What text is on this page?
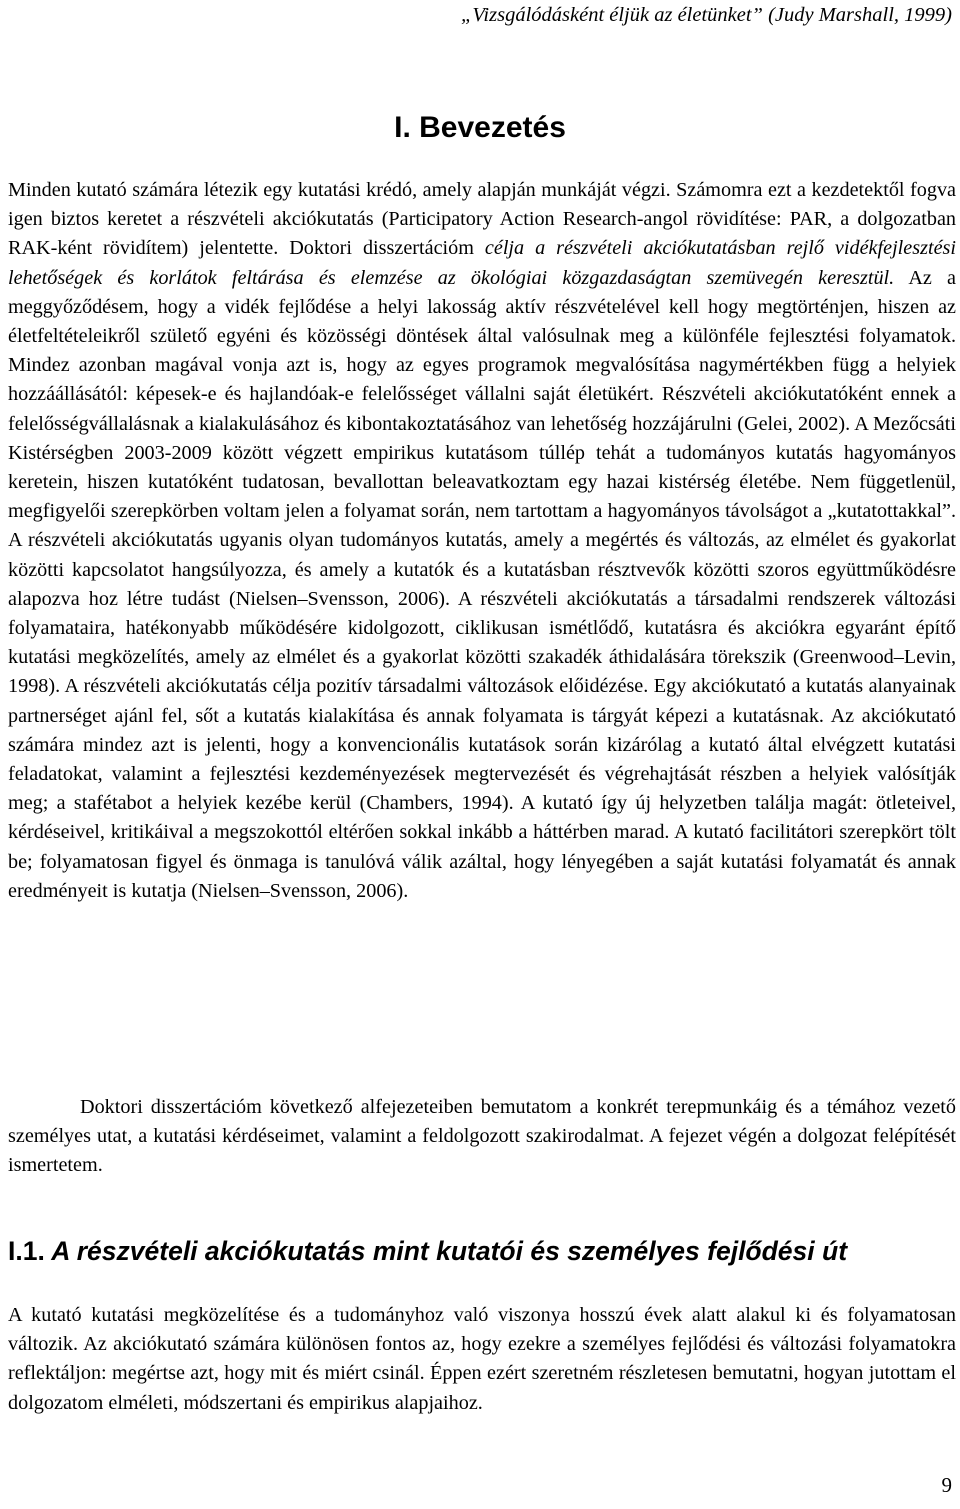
„Vizsgálódásként éljük az életünket” (Judy Marshall, 1999)
I. Bevezetés

Minden kutató számára létezik egy kutatási krédó, amely alapján munkáját végzi. Számomra ezt a kezdetektől fogva igen biztos keretet a részvételi akciókutatás (Participatory Action Research-angol rövidítése: PAR, a dolgozatban RAK-ként rövidítem) jelentette. Doktori disszertációm célja a részvételi akciókutatásban rejlő vidékfejlesztési lehetőségek és korlátok feltárása és elemzése az ökológiai közgazdaságtan szemüvegén keresztül. Az a meggyőződésem, hogy a vidék fejlődése a helyi lakosság aktív részvételével kell hogy megtörténjen, hiszen az életfeltételeikről születő egyéni és közösségi döntések által valósulnak meg a különféle fejlesztési folyamatok. Mindez azonban magával vonja azt is, hogy az egyes programok megvalósítása nagymértékben függ a helyiek hozzáállásától: képesek-e és hajlandóak-e felelősséget vállalni saját életükért. Részvételi akciókutatóként ennek a felelősségvállalásnak a kialakulásához és kibontakoztatásához van lehetőség hozzájárulni (Gelei, 2002). A Mezőcsáti Kistérségben 2003-2009 között végzett empirikus kutatásom túllép tehát a tudományos kutatás hagyományos keretein, hiszen kutatóként tudatosan, bevallottan beleavatkoztam egy hazai kistérség életébe. Nem függetlenül, megfigyelői szerepkörben voltam jelen a folyamat során, nem tartottam a hagyományos távolságot a „kutatottakkal”. A részvételi akciókutatás ugyanis olyan tudományos kutatás, amely a megértés és változás, az elmélet és gyakorlat közötti kapcsolatot hangsúlyozza, és amely a kutatók és a kutatásban résztvevők közötti szoros együttműködésre alapozva hoz létre tudást (Nielsen–Svensson, 2006). A részvételi akciókutatás a társadalmi rendszerek változási folyamataira, hatékonyabb működésére kidolgozott, ciklikusan ismétlődő, kutatásra és akciókra egyaránt építő kutatási megközelítés, amely az elmélet és a gyakorlat közötti szakadék áthidalására törekszik (Greenwood–Levin, 1998). A részvételi akciókutatás célja pozitív társadalmi változások előidézése. Egy akciókutató a kutatás alanyainak partnerséget ajánl fel, sőt a kutatás kialakítása és annak folyamata is tárgyát képezi a kutatásnak. Az akciókutató számára mindez azt is jelenti, hogy a konvencionális kutatások során kizárólag a kutató által elvégzett kutatási feladatokat, valamint a fejlesztési kezdeményezések megtervezését és végrehajtását részben a helyiek valósítják meg; a stafétabot a helyiek kezébe kerül (Chambers, 1994). A kutató így új helyzetben találja magát: ötleteivel, kérdéseivel, kritikáival a megszokottól eltérően sokkal inkább a háttérben marad. A kutató facilitátori szerepkört tölt be; folyamatosan figyel és önmaga is tanulóvá válik azáltal, hogy lényegében a saját kutatási folyamatát és annak eredményeit is kutatja (Nielsen–Svensson, 2006).

Doktori disszertációm következő alfejezeteiben bemutatom a konkrét terepmunkáig és a témához vezető személyes utat, a kutatási kérdéseimet, valamint a feldolgozott szakirodalmat. A fejezet végén a dolgozat felépítését ismertetem.

I.1. A részvételi akciókutatás mint kutatói és személyes fejlődési út

A kutató kutatási megközelítése és a tudományhoz való viszonya hosszú évek alatt alakul ki és folyamatosan változik. Az akciókutató számára különösen fontos az, hogy ezekre a személyes fejlődési és változási folyamatokra reflektáljon: megértse azt, hogy mit és miért csinál. Éppen ezért szeretném részletesen bemutatni, hogyan jutottam el dolgozatom elméleti, módszertani és empirikus alapjaihoz.

9
